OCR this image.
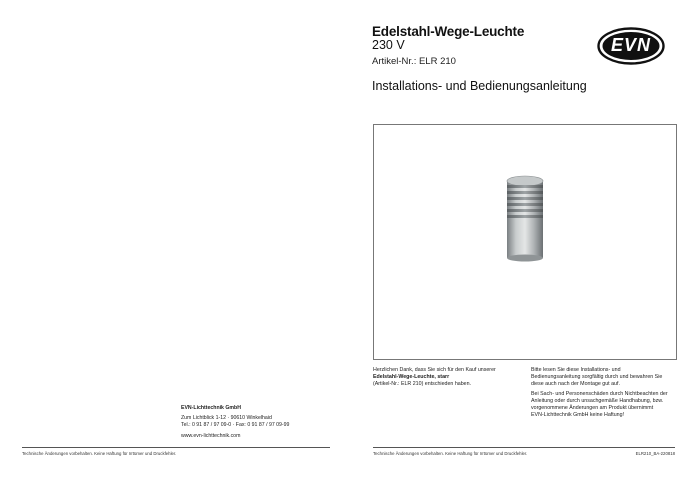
Edelstahl-Wege-Leuchte
230 V
Artikel-Nr.: ELR 210
Installations- und Bedienungsanleitung
EVN
Herzlichen Dank, dass Sie sich für den Kauf unserer
Edelstahl-Wege-Leuchte, starr
(Artikel-Nr.: ELR 210) entschieden haben.
Bitte lesen Sie diese Installations- und
Bedienungsanleitung sorgfältig durch und bewahren Sie
diese auch nach der Montage gut auf.
Bei Sach- und Personenschäden durch Nichtbeachten der
Anleitung oder durch unsachgemäße Handhabung, bzw.
vorgenommene Änderungen am Produkt übernimmt
EVN-Lichttechnik GmbH keine Haftung!
EVN-Lichttechnik GmbH
Zum Lichtblick 1-12 · 90610 Winkelhaid
Tel.: 0 91 87 / 97 09-0 · Fax: 0 91 87 / 97 09-99
www.evn-lichttechnik.com
Technische Änderungen vorbehalten. Keine Haftung für Irrtümer und Druckfehler.	Technische Änderungen vorbehalten. Keine Haftung für Irrtümer und Druckfehler.	ELR210_BA-220818
